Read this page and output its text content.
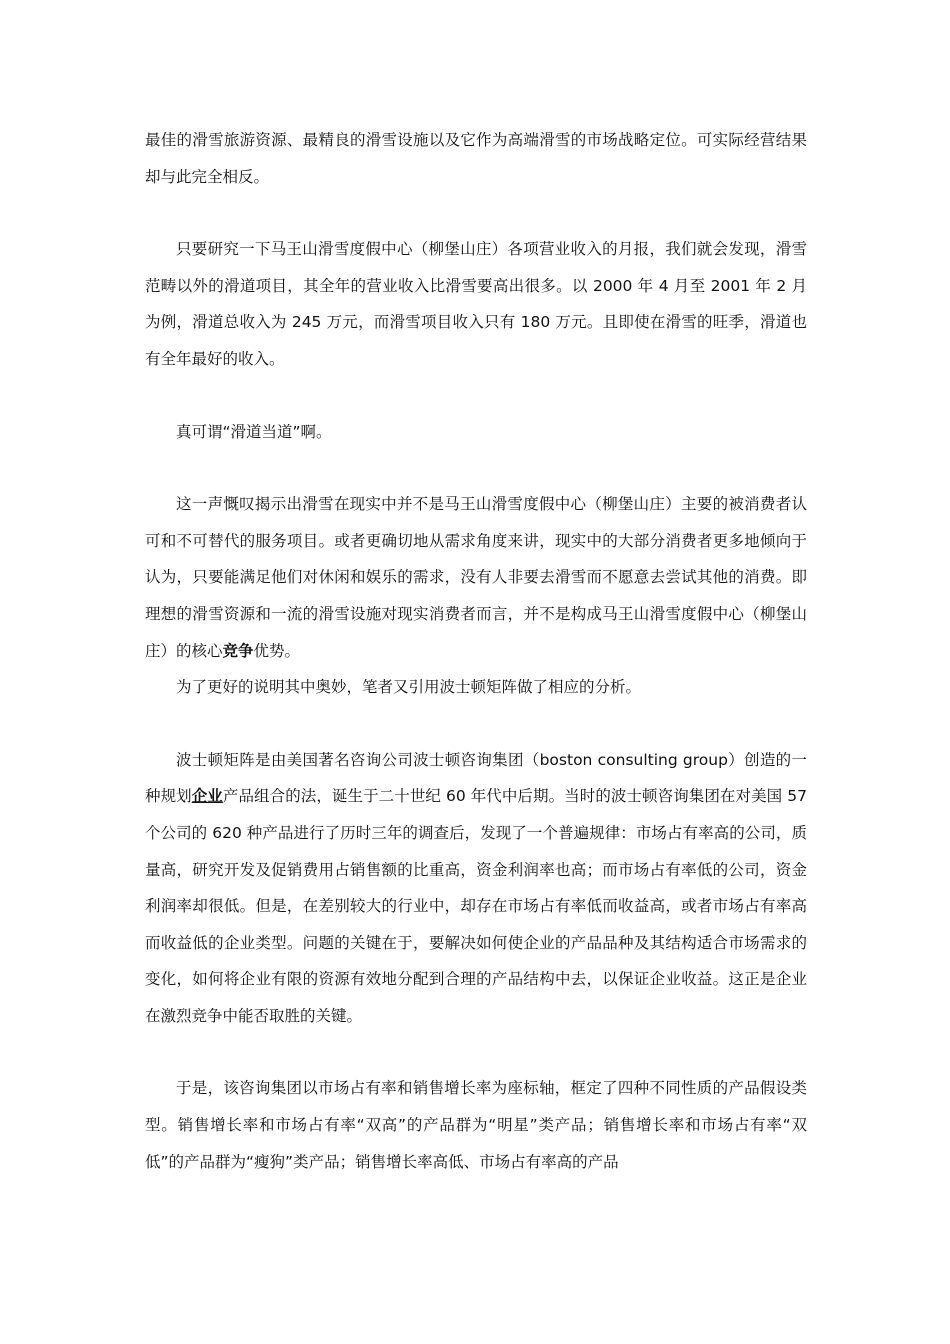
最佳的滑雪旅游资源、最精良的滑雪设施以及它作为高端滑雪的市场战略定位。可实际经营结果却与此完全相反。

只要研究一下马王山滑雪度假中心（柳堡山庄）各项营业收入的月报，我们就会发现，滑雪范畴以外的滑道项目，其全年的营业收入比滑雪要高出很多。以 2000 年 4 月至 2001 年 2 月为例，滑道总收入为 245 万元，而滑雪项目收入只有 180 万元。且即使在滑雪的旺季，滑道也有全年最好的收入。

真可谓“滑道当道”啊。

这一声慨叹揭示出滑雪在现实中并不是马王山滑雪度假中心（柳堡山庄）主要的被消费者认可和不可替代的服务项目。或者更确切地从需求角度来讲，现实中的大部分消费者更多地倾向于认为，只要能满足他们对休闲和娱乐的需求，没有人非要去滑雪而不愿意去尝试其他的消费。即理想的滑雪资源和一流的滑雪设施对现实消费者而言，并不是构成马王山滑雪度假中心（柳堡山庄）的核心竞争优势。

为了更好的说明其中奥妙，笔者又引用波士顿矩阵做了相应的分析。

波士顿矩阵是由美国著名咨询公司波士顿咨询集团（boston consulting group）创造的一种规划企业产品组合的法，诞生于二十世纪 60 年代中后期。当时的波士顿咨询集团在对美国 57 个公司的 620 种产品进行了历时三年的调查后，发现了一个普遍规律：市场占有率高的公司，质量高，研究开发及促销费用占销售额的比重高，资金利润率也高；而市场占有率低的公司，资金利润率却很低。但是，在差别较大的行业中，却存在市场占有率低而收益高，或者市场占有率高而收益低的企业类型。问题的关键在于，要解决如何使企业的产品品种及其结构适合市场需求的变化，如何将企业有限的资源有效地分配到合理的产品结构中去，以保证企业收益。这正是企业在激烈竞争中能否取胜的关键。

于是，该咨询集团以市场占有率和销售增长率为座标轴，框定了四种不同性质的产品假设类型。销售增长率和市场占有率“双高”的产品群为“明星”类产品；销售增长率和市场占有率“双低”的产品群为“瘦狗”类产品；销售增长率高低、市场占有率高的产品
